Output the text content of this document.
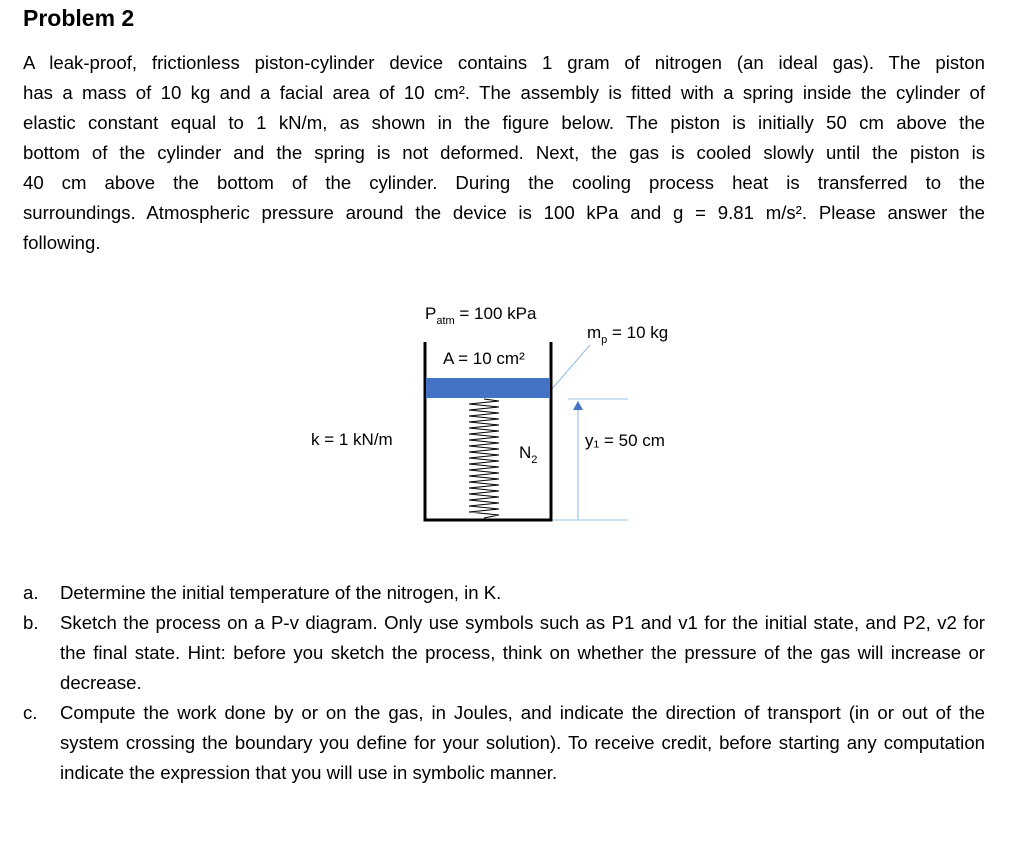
Problem 2

A leak-proof, frictionless piston-cylinder device contains 1 gram of nitrogen (an ideal gas). The piston
has a mass of 10 kg and a facial area of 10 cm². The assembly is fitted with a spring inside the cylinder of
elastic constant equal to 1 kN/m, as shown in the figure below. The piston is initially 50 cm above the
bottom of the cylinder and the spring is not deformed. Next, the gas is cooled slowly until the piston is
40 cm above the bottom of the cylinder. During the cooling process heat is transferred to the
surroundings. Atmospheric pressure around the device is 100 kPa and g = 9.81 m/s². Please answer the
following.

$P_{atm} = 100$ kPa
$m_p = 10$ kg
A = 10 cm²
k = 1 kN/m
$N_2$
y₁ = 50 cm
a. Determine the initial temperature of the nitrogen, in K.
b. Sketch the process on a P-v diagram. Only use symbols such as P1 and v1 for the initial state, and P2, v2 for the final state. Hint: before you sketch the process, think on whether the pressure of the gas will increase or decrease.
c. Compute the work done by or on the gas, in Joules, and indicate the direction of transport (in or out of the system crossing the boundary you define for your solution). To receive credit, before starting any computation indicate the expression that you will use in symbolic manner.
